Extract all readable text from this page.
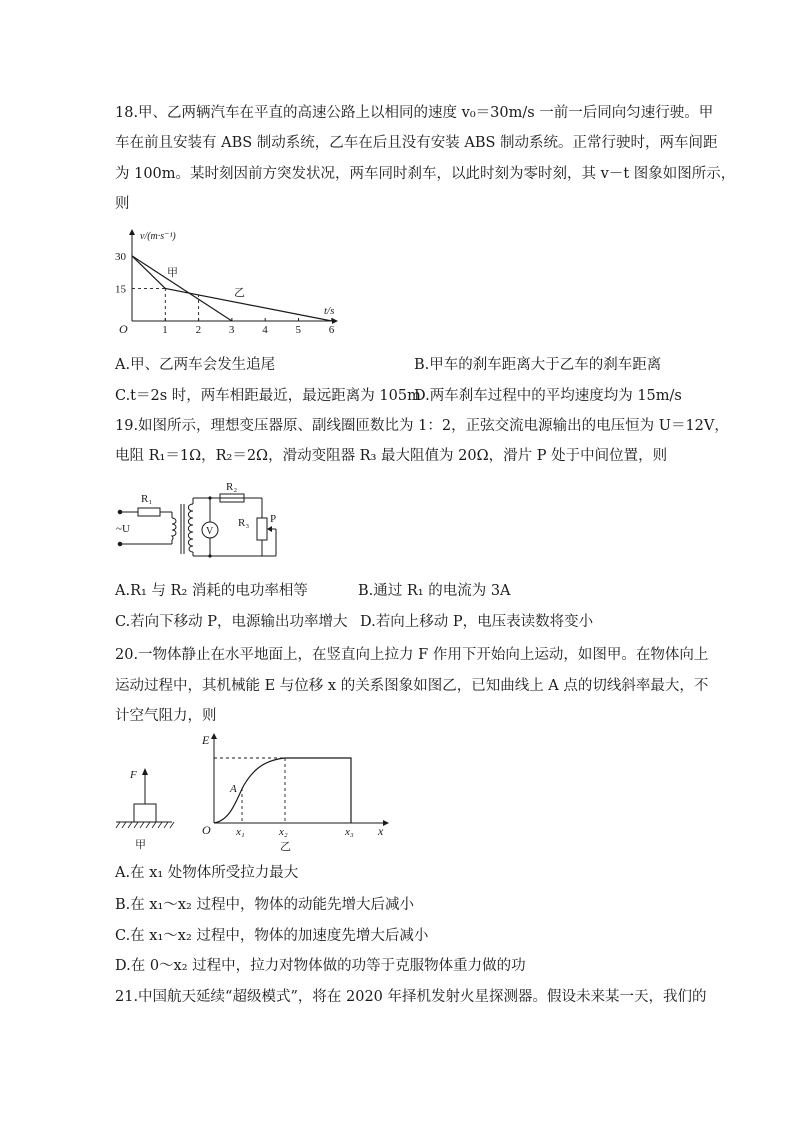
18.甲、乙两辆汽车在平直的高速公路上以相同的速度 v₀＝30m/s 一前一后同向匀速行驶。甲
车在前且安装有 ABS 制动系统，乙车在后且没有安装 ABS 制动系统。正常行驶时，两车间距
为 100m。某时刻因前方突发状况，两车同时刹车，以此时刻为零时刻，其 v－t 图象如图所示，
则
v/(m·s⁻¹)
t/s
O	1	2	3	4	5	6
15
30
甲
乙
A.甲、乙两车会发生追尾	B.甲车的刹车距离大于乙车的刹车距离
C.t＝2s 时，两车相距最近，最远距离为 105m
D.两车刹车过程中的平均速度均为 15m/s
19.如图所示，理想变压器原、副线圈匝数比为 1：2，正弦交流电源输出的电压恒为 U＝12V，
电阻 R₁＝1Ω，R₂＝2Ω，滑动变阻器 R₃ 最大阻值为 20Ω，滑片 P 处于中间位置，则
R₁
~U
R₂
R₃ P
V
A.R₁ 与 R₂ 消耗的电功率相等	B.通过 R₁ 的电流为 3A
C.若向下移动 P，电源输出功率增大 D.若向上移动 P，电压表读数将变小
20.一物体静止在水平地面上，在竖直向上拉力 F 作用下开始向上运动，如图甲。在物体向上
运动过程中，其机械能 E 与位移 x 的关系图象如图乙，已知曲线上 A 点的切线斜率最大，不
计空气阻力，则
F
甲
E
x
O
A
x₁	x₂	x₃
乙
A.在 x₁ 处物体所受拉力最大
B.在 x₁～x₂ 过程中，物体的动能先增大后减小
C.在 x₁～x₂ 过程中，物体的加速度先增大后减小
D.在 0～x₂ 过程中，拉力对物体做的功等于克服物体重力做的功
21.中国航天延续“超级模式”，将在 2020 年择机发射火星探测器。假设未来某一天，我们的
